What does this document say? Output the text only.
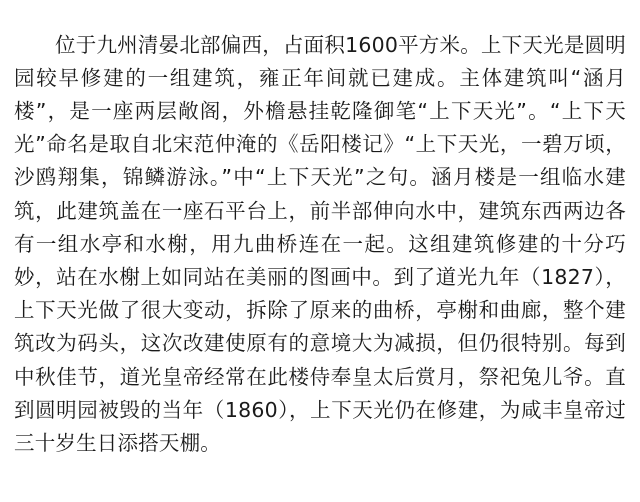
位于九州清晏北部偏西，占面积1600平方米。上下天光是圆明园较早修建的一组建筑，雍正年间就已建成。主体建筑叫“涵月楼”，是一座两层敞阁，外檐悬挂乾隆御笔“上下天光”。“上下天光”命名是取自北宋范仲淹的《岳阳楼记》“上下天光，一碧万顷，沙鸥翔集，锦鳞游泳。”中“上下天光”之句。涵月楼是一组临水建筑，此建筑盖在一座石平台上，前半部伸向水中，建筑东西两边各有一组水亭和水榭，用九曲桥连在一起。这组建筑修建的十分巧妙，站在水榭上如同站在美丽的图画中。到了道光九年（1827），上下天光做了很大变动，拆除了原来的曲桥，亭榭和曲廊，整个建筑改为码头，这次改建使原有的意境大为减损，但仍很特别。每到中秋佳节，道光皇帝经常在此楼侍奉皇太后赏月，祭祀兔儿爷。直到圆明园被毁的当年（1860），上下天光仍在修建，为咸丰皇帝过三十岁生日添搭天棚。
